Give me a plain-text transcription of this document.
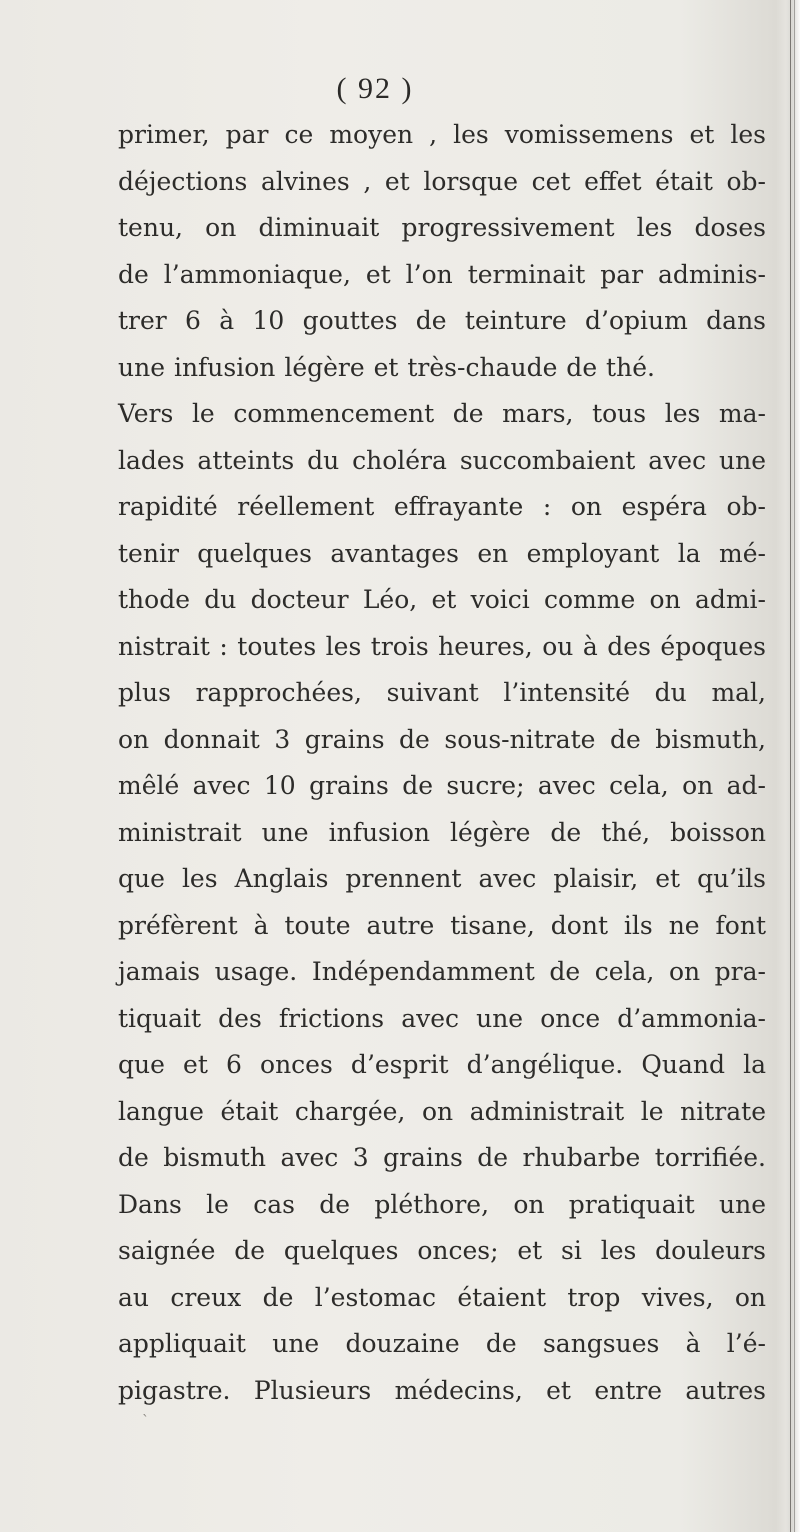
( 92 )
primer, par ce moyen , les vomissemens et les
déjections alvines , et lorsque cet effet était ob-
tenu, on diminuait progressivement les doses
de l’ammoniaque, et l’on terminait par adminis-
trer 6 à 10 gouttes de teinture d’opium dans
une infusion légère et très-chaude de thé.
Vers le commencement de mars, tous les ma-
lades atteints du choléra succombaient avec une
rapidité réellement effrayante : on espéra ob-
tenir quelques avantages en employant la mé-
thode du docteur Léo, et voici comme on admi-
nistrait : toutes les trois heures, ou à des époques
plus rapprochées, suivant l’intensité du mal,
on donnait 3 grains de sous-nitrate de bismuth,
mêlé avec 10 grains de sucre; avec cela, on ad-
ministrait une infusion légère de thé, boisson
que les Anglais prennent avec plaisir, et qu’ils
préfèrent à toute autre tisane, dont ils ne font
jamais usage. Indépendamment de cela, on pra-
tiquait des frictions avec une once d’ammonia-
que et 6 onces d’esprit d’angélique. Quand la
langue était chargée, on administrait le nitrate
de bismuth avec 3 grains de rhubarbe torrifiée.
Dans le cas de pléthore, on pratiquait une
saignée de quelques onces; et si les douleurs
au creux de l’estomac étaient trop vives, on
appliquait une douzaine de sangsues à l’é-
pigastre. Plusieurs médecins, et entre autres
ˎ
